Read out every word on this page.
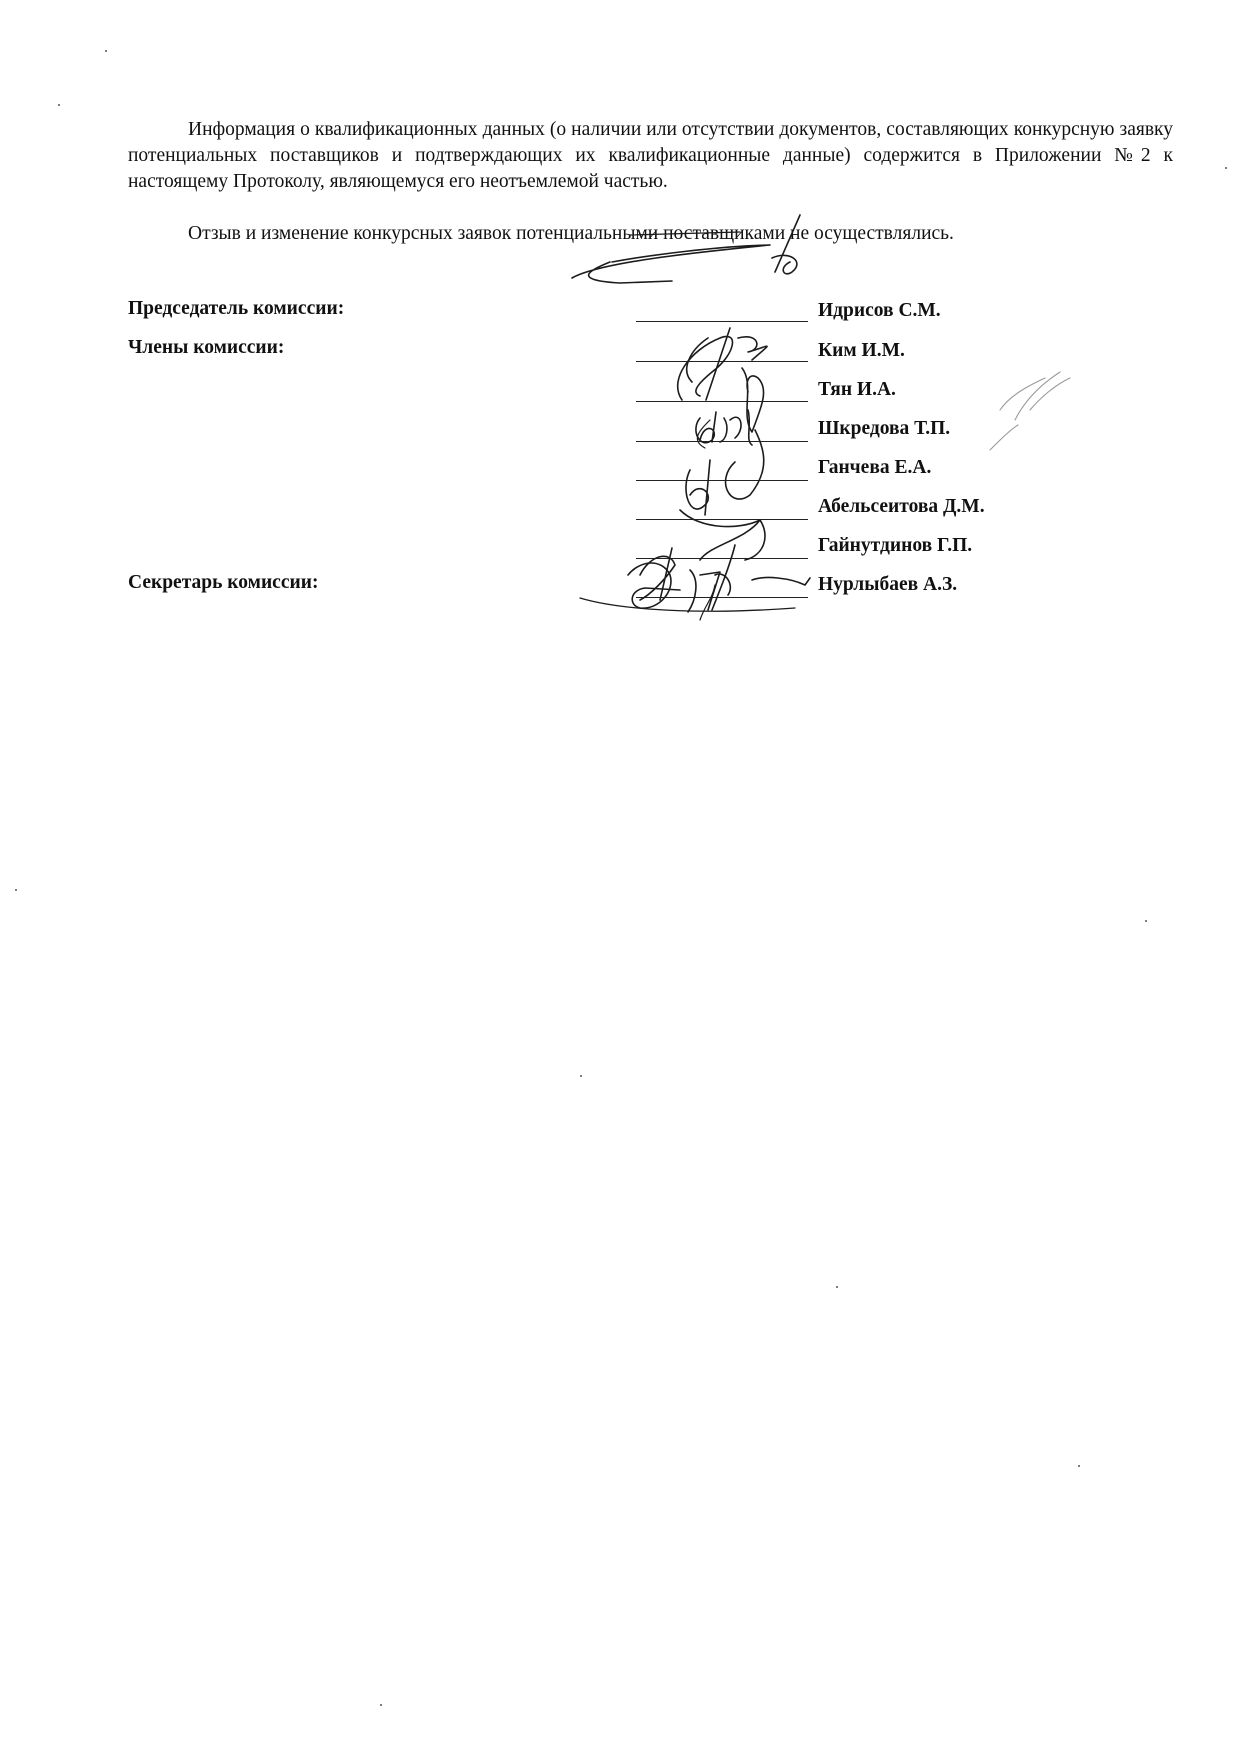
Информация о квалификационных данных (о наличии или отсутствии документов, составляющих конкурсную заявку потенциальных поставщиков и подтверждающих их квалификационные данные) содержится в Приложении №2 к настоящему Протоколу, являющемуся его неотъемлемой частью.

Отзыв и изменение конкурсных заявок потенциальными поставщиками не осуществлялись.

Председатель комиссии:

Члены комиссии:

Секретарь комиссии:

Идрисов С.М.

Ким И.М.

Тян И.А.

Шкредова Т.П.

Ганчева Е.А.

Абельсеитова Д.М.

Гайнутдинов Г.П.

Нурлыбаев А.З.
